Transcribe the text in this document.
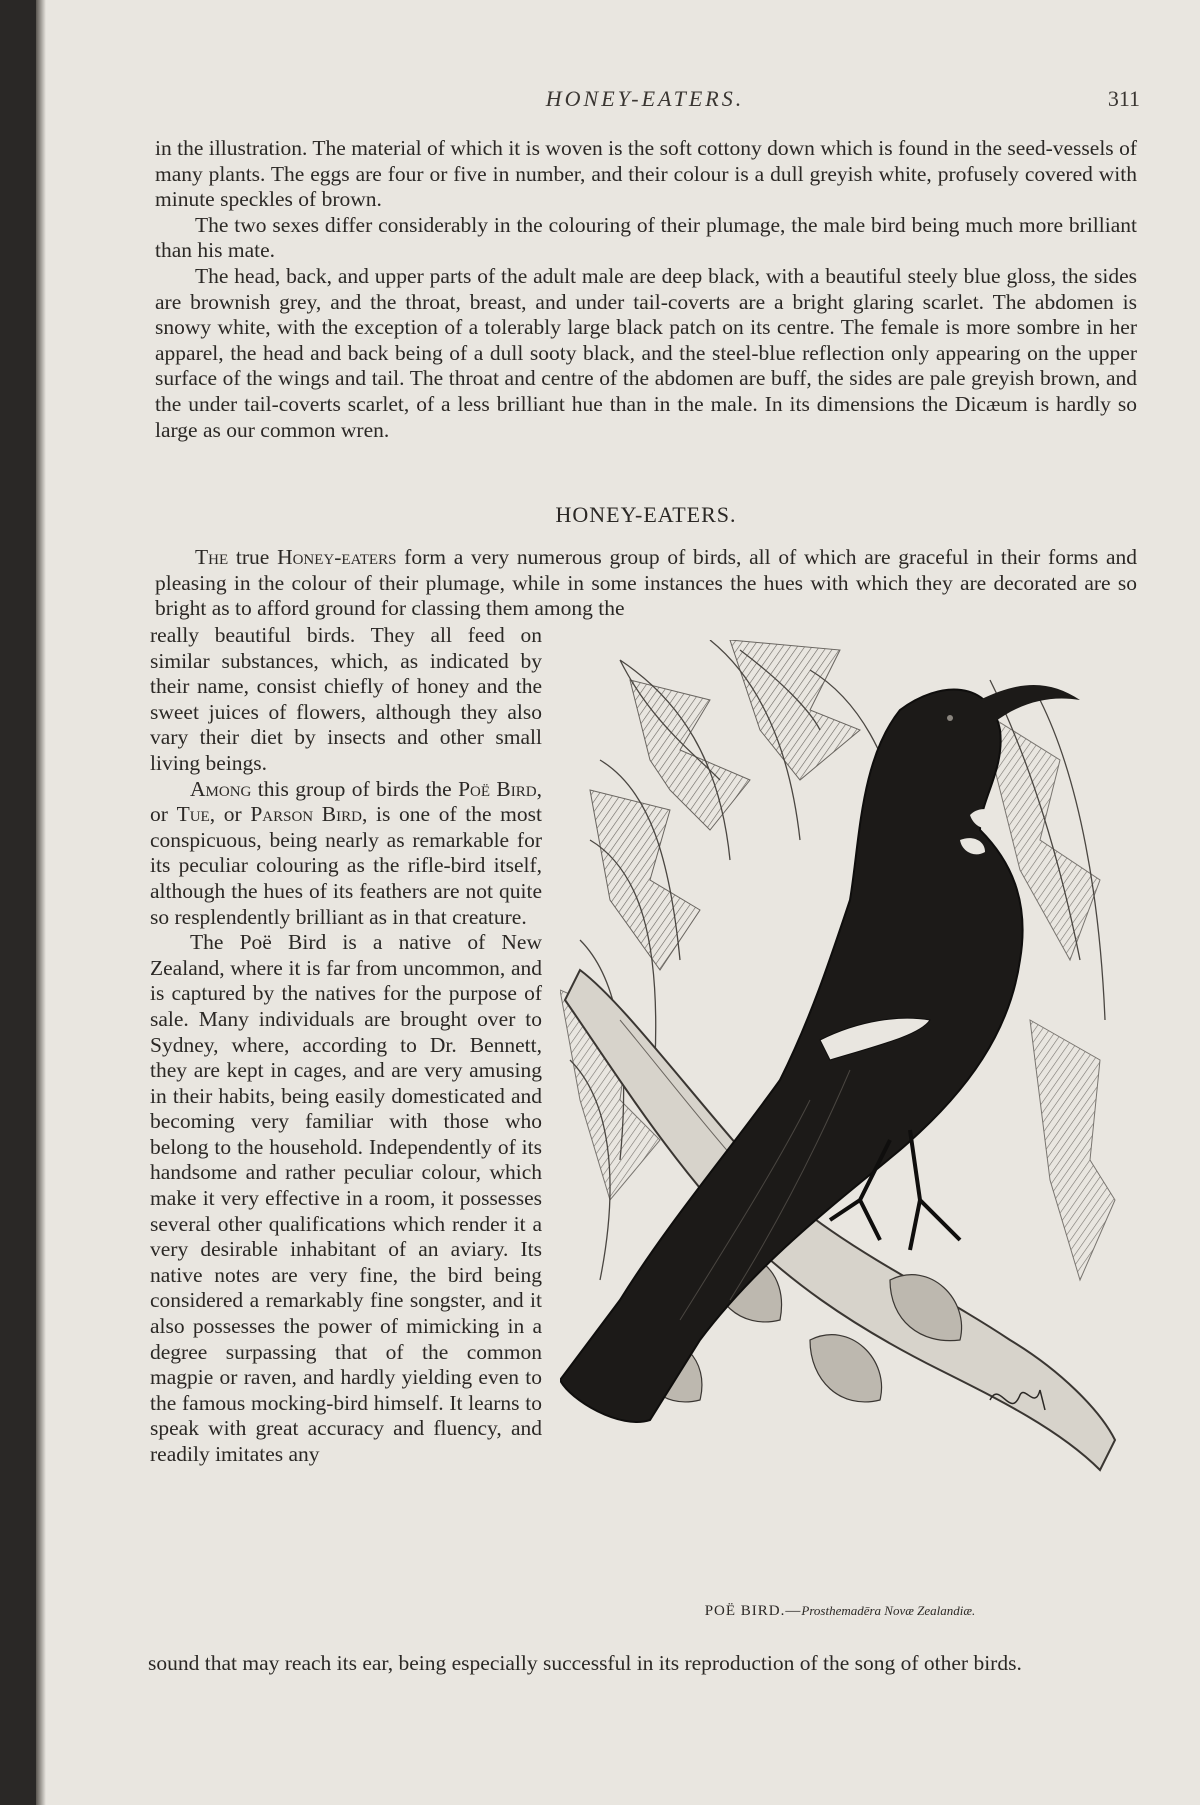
HONEY-EATERS.	311

in the illustration. The material of which it is woven is the soft cottony down which is found in the seed-vessels of many plants. The eggs are four or five in number, and their colour is a dull greyish white, profusely covered with minute speckles of brown.

The two sexes differ considerably in the colouring of their plumage, the male bird being much more brilliant than his mate.

The head, back, and upper parts of the adult male are deep black, with a beautiful steely blue gloss, the sides are brownish grey, and the throat, breast, and under tail-coverts are a bright glaring scarlet. The abdomen is snowy white, with the exception of a tolerably large black patch on its centre. The female is more sombre in her apparel, the head and back being of a dull sooty black, and the steel-blue reflection only appearing on the upper surface of the wings and tail. The throat and centre of the abdomen are buff, the sides are pale greyish brown, and the under tail-coverts scarlet, of a less brilliant hue than in the male. In its dimensions the Dicæum is hardly so large as our common wren.

HONEY-EATERS.

The true Honey-eaters form a very numerous group of birds, all of which are graceful in their forms and pleasing in the colour of their plumage, while in some instances the hues with which they are decorated are so bright as to afford ground for classing them among the

really beautiful birds. They all feed on similar substances, which, as indicated by their name, consist chiefly of honey and the sweet juices of flowers, although they also vary their diet by insects and other small living beings.

Among this group of birds the Poë Bird, or Tue, or Parson Bird, is one of the most conspicuous, being nearly as remarkable for its peculiar colouring as the rifle-bird itself, although the hues of its feathers are not quite so resplendently brilliant as in that creature.

The Poë Bird is a native of New Zealand, where it is far from uncommon, and is captured by the natives for the purpose of sale. Many individuals are brought over to Sydney, where, according to Dr. Bennett, they are kept in cages, and are very amusing in their habits, being easily domesticated and becoming very familiar with those who belong to the household. Independently of its handsome and rather peculiar colour, which make it very effective in a room, it possesses several other qualifications which render it a very desirable inhabitant of an aviary. Its native notes are very fine, the bird being considered a remarkably fine songster, and it also possesses the power of mimicking in a degree surpassing that of the common magpie or raven, and hardly yielding even to the famous mocking-bird himself. It learns to speak with great accuracy and fluency, and readily imitates any

POË BIRD.—Prosthemadēra Novæ Zealandiæ.

sound that may reach its ear, being especially successful in its reproduction of the song of other birds.
